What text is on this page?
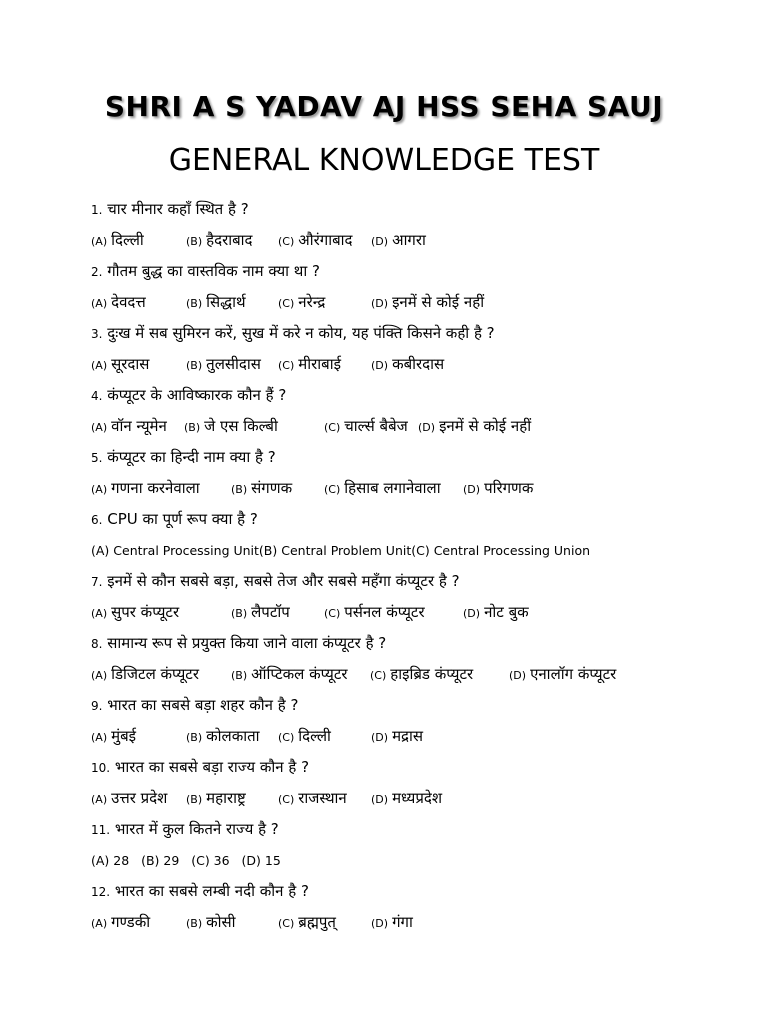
SHRI A S YADAV AJ HSS SEHA SAUJ
GENERAL KNOWLEDGE TEST
1. चार मीनार कहाँ स्थित है ?
(A) दिल्ली	(B) हैदराबाद (C) औरंगाबाद (D) आगरा
2. गौतम बुद्ध का वास्तविक नाम क्या था ?
(A) देवदत्त	(B) सिद्धार्थ	(C) नरेन्द्र	(D) इनमें से कोई नहीं
3. दुःख में सब सुमिरन करें, सुख में करे न कोय, यह पंक्ति किसने कही है ?
(A) सूरदास	(B) तुलसीदास (C) मीराबाई	(D) कबीरदास
4. कंप्यूटर के आविष्कारक कौन हैं ?
(A) वॉन न्यूमेन (B) जे एस किल्बी	(C) चार्ल्स बैबेज (D) इनमें से कोई नहीं
5. कंप्यूटर का हिन्दी नाम क्या है ?
(A) गणना करनेवाला	(B) संगणक	(C) हिसाब लगानेवाला (D) परिगणक
6. CPU का पूर्ण रूप क्या है ?
(A) Central Processing Unit(B) Central Problem Unit(C) Central Processing Union
7. इनमें से कौन सबसे बड़ा, सबसे तेज और सबसे महँगा कंप्यूटर है ?
(A) सुपर कंप्यूटर	(B) लैपटॉप	(C) पर्सनल कंप्यूटर	(D) नोट बुक
8. सामान्य रूप से प्रयुक्त किया जाने वाला कंप्यूटर है ?
(A) डिजिटल कंप्यूटर	(B) ऑप्टिकल कंप्यूटर (C) हाइब्रिड कंप्यूटर	(D) एनालॉग कंप्यूटर
9. भारत का सबसे बड़ा शहर कौन है ?
(A) मुंबई	(B) कोलकाता (C) दिल्ली	(D) मद्रास
10. भारत का सबसे बड़ा राज्य कौन है ?
(A) उत्तर प्रदेश (B) महाराष्ट्र	(C) राजस्थान (D) मध्यप्रदेश
11. भारत में कुल कितने राज्य है ?
(A) 28   (B) 29   (C) 36   (D) 15
12. भारत का सबसे लम्बी नदी कौन है ?
(A) गण्डकी	(B) कोसी	(C) ब्रह्मपुत्	(D) गंगा
